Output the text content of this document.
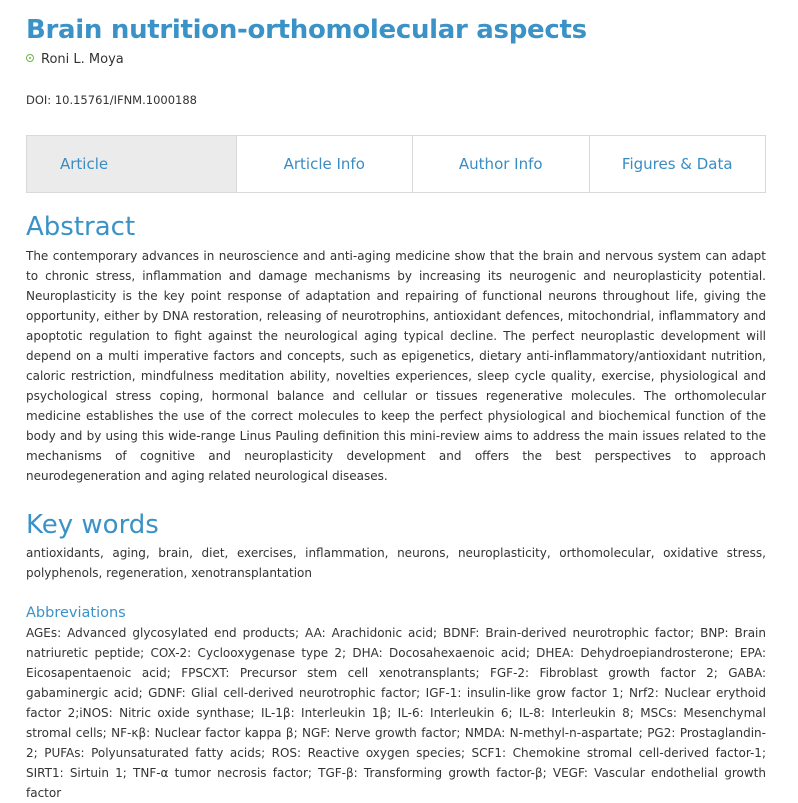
Brain nutrition-orthomolecular aspects
Roni L. Moya
DOI: 10.15761/IFNM.1000188
Article	Article Info	Author Info	Figures & Data
Abstract

The contemporary advances in neuroscience and anti-aging medicine show that the brain and nervous system can adapt to chronic stress, inflammation and damage mechanisms by increasing its neurogenic and neuroplasticity potential. Neuroplasticity is the key point response of adaptation and repairing of functional neurons throughout life, giving the opportunity, either by DNA restoration, releasing of neurotrophins, antioxidant defences, mitochondrial, inflammatory and apoptotic regulation to fight against the neurological aging typical decline. The perfect neuroplastic development will depend on a multi imperative factors and concepts, such as epigenetics, dietary anti-inflammatory/antioxidant nutrition, caloric restriction, mindfulness meditation ability, novelties experiences, sleep cycle quality, exercise, physiological and psychological stress coping, hormonal balance and cellular or tissues regenerative molecules. The orthomolecular medicine establishes the use of the correct molecules to keep the perfect physiological and biochemical function of the body and by using this wide-range Linus Pauling definition this mini-review aims to address the main issues related to the mechanisms of cognitive and neuroplasticity development and offers the best perspectives to approach neurodegeneration and aging related neurological diseases.

Key words

antioxidants, aging, brain, diet, exercises, inflammation, neurons, neuroplasticity, orthomolecular, oxidative stress, polyphenols, regeneration, xenotransplantation

Abbreviations

AGEs: Advanced glycosylated end products; AA: Arachidonic acid; BDNF: Brain-derived neurotrophic factor; BNP: Brain natriuretic peptide; COX-2: Cyclooxygenase type 2; DHA: Docosahexaenoic acid; DHEA: Dehydroepiandrosterone; EPA: Eicosapentaenoic acid; FPSCXT: Precursor stem cell xenotransplants; FGF-2: Fibroblast growth factor 2; GABA: gabaminergic acid; GDNF: Glial cell-derived neurotrophic factor; IGF-1: insulin-like grow factor 1; Nrf2: Nuclear erythoid factor 2;iNOS: Nitric oxide synthase; IL-1β: Interleukin 1β; IL-6: Interleukin 6; IL-8: Interleukin 8; MSCs: Mesenchymal stromal cells; NF-κβ: Nuclear factor kappa β; NGF: Nerve growth factor; NMDA: N-methyl-n-aspartate; PG2: Prostaglandin-2; PUFAs: Polyunsaturated fatty acids; ROS: Reactive oxygen species; SCF1: Chemokine stromal cell-derived factor-1; SIRT1: Sirtuin 1; TNF-α tumor necrosis factor; TGF-β: Transforming growth factor-β; VEGF: Vascular endothelial growth factor
